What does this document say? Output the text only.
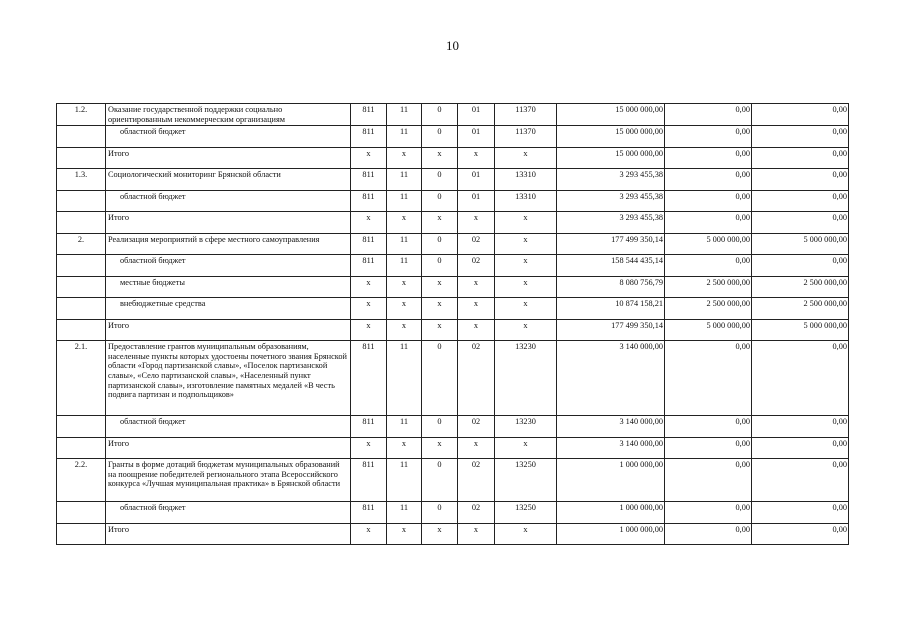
10
1.2.	Оказание государственной поддержки социально ориентированным некоммерческим организациям	811	11	0	01	11370	15 000 000,00	0,00	0,00
	областной бюджет	811	11	0	01	11370	15 000 000,00	0,00	0,00
	Итого	х	х	х	х	х	15 000 000,00	0,00	0,00
1.3.	Социологический мониторинг Брянской области	811	11	0	01	13310	3 293 455,38	0,00	0,00
	областной бюджет	811	11	0	01	13310	3 293 455,38	0,00	0,00
	Итого	х	х	х	х	х	3 293 455,38	0,00	0,00
2.	Реализация мероприятий в сфере местного самоуправления	811	11	0	02	х	177 499 350,14	5 000 000,00	5 000 000,00
	областной бюджет	811	11	0	02	х	158 544 435,14	0,00	0,00
	местные бюджеты	х	х	х	х	х	8 080 756,79	2 500 000,00	2 500 000,00
	внебюджетные средства	х	х	х	х	х	10 874 158,21	2 500 000,00	2 500 000,00
	Итого	х	х	х	х	х	177 499 350,14	5 000 000,00	5 000 000,00
2.1.	Предоставление грантов муниципальным образованиям, населенные пункты которых удостоены почетного звания Брянской области «Город партизанской славы», «Поселок партизанской славы», «Село партизанской славы», «Населенный пункт партизанской славы», изготовление памятных медалей «В честь подвига партизан и подпольщиков»	811	11	0	02	13230	3 140 000,00	0,00	0,00
	областной бюджет	811	11	0	02	13230	3 140 000,00	0,00	0,00
	Итого	х	х	х	х	х	3 140 000,00	0,00	0,00
2.2.	Гранты в форме дотаций бюджетам муниципальных образований на поощрение победителей регионального этапа Всероссийского конкурса «Лучшая муниципальная практика» в Брянской области	811	11	0	02	13250	1 000 000,00	0,00	0,00
	областной бюджет	811	11	0	02	13250	1 000 000,00	0,00	0,00
	Итого	х	х	х	х	х	1 000 000,00	0,00	0,00
